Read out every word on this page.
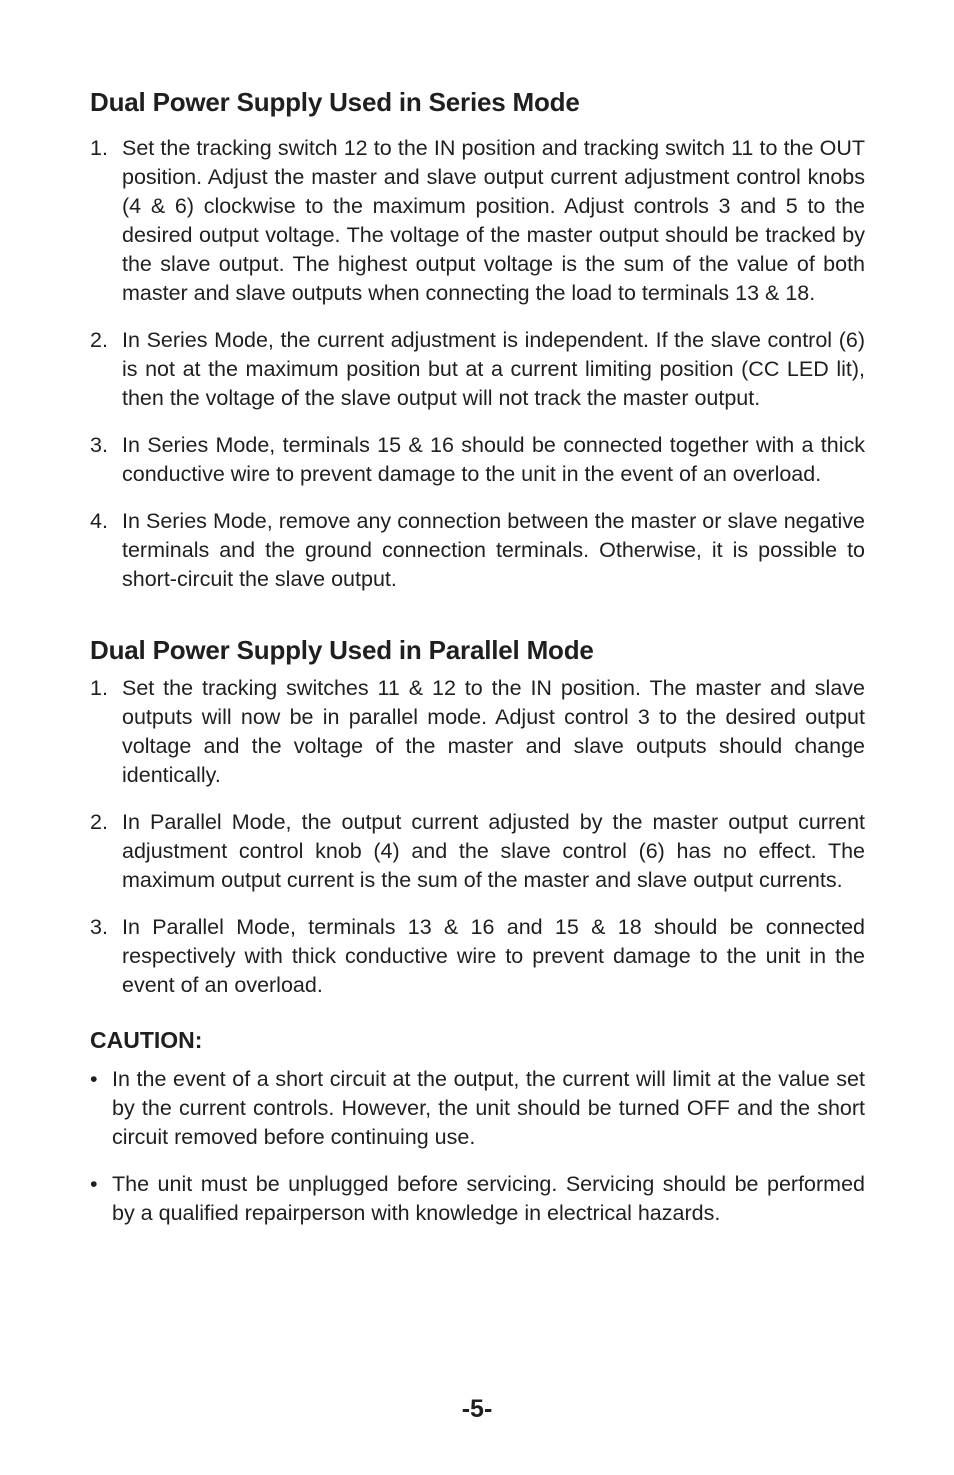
Dual Power Supply Used in Series Mode
1. Set the tracking switch 12 to the IN position and tracking switch 11 to the OUT position. Adjust the master and slave output current adjustment control knobs (4 & 6) clockwise to the maximum position. Adjust controls 3 and 5 to the desired output voltage. The voltage of the master output should be tracked by the slave output. The highest output voltage is the sum of the value of both master and slave outputs when connecting the load to terminals 13 & 18.
2. In Series Mode, the current adjustment is independent. If the slave control (6) is not at the maximum position but at a current limiting position (CC LED lit), then the voltage of the slave output will not track the master output.
3. In Series Mode, terminals 15 & 16 should be connected together with a thick conductive wire to prevent damage to the unit in the event of an overload.
4. In Series Mode, remove any connection between the master or slave negative terminals and the ground connection terminals. Otherwise, it is possible to short-circuit the slave output.
Dual Power Supply Used in Parallel Mode
1. Set the tracking switches 11 & 12 to the IN position. The master and slave outputs will now be in parallel mode. Adjust control 3 to the desired output voltage and the voltage of the master and slave outputs should change identically.
2. In Parallel Mode, the output current adjusted by the master output current adjustment control knob (4) and the slave control (6) has no effect. The maximum output current is the sum of the master and slave output currents.
3. In Parallel Mode, terminals 13 & 16 and 15 & 18 should be connected respectively with thick conductive wire to prevent damage to the unit in the event of an overload.
CAUTION:
• In the event of a short circuit at the output, the current will limit at the value set by the current controls. However, the unit should be turned OFF and the short circuit removed before continuing use.
• The unit must be unplugged before servicing. Servicing should be performed by a qualified repairperson with knowledge in electrical hazards.
-5-
